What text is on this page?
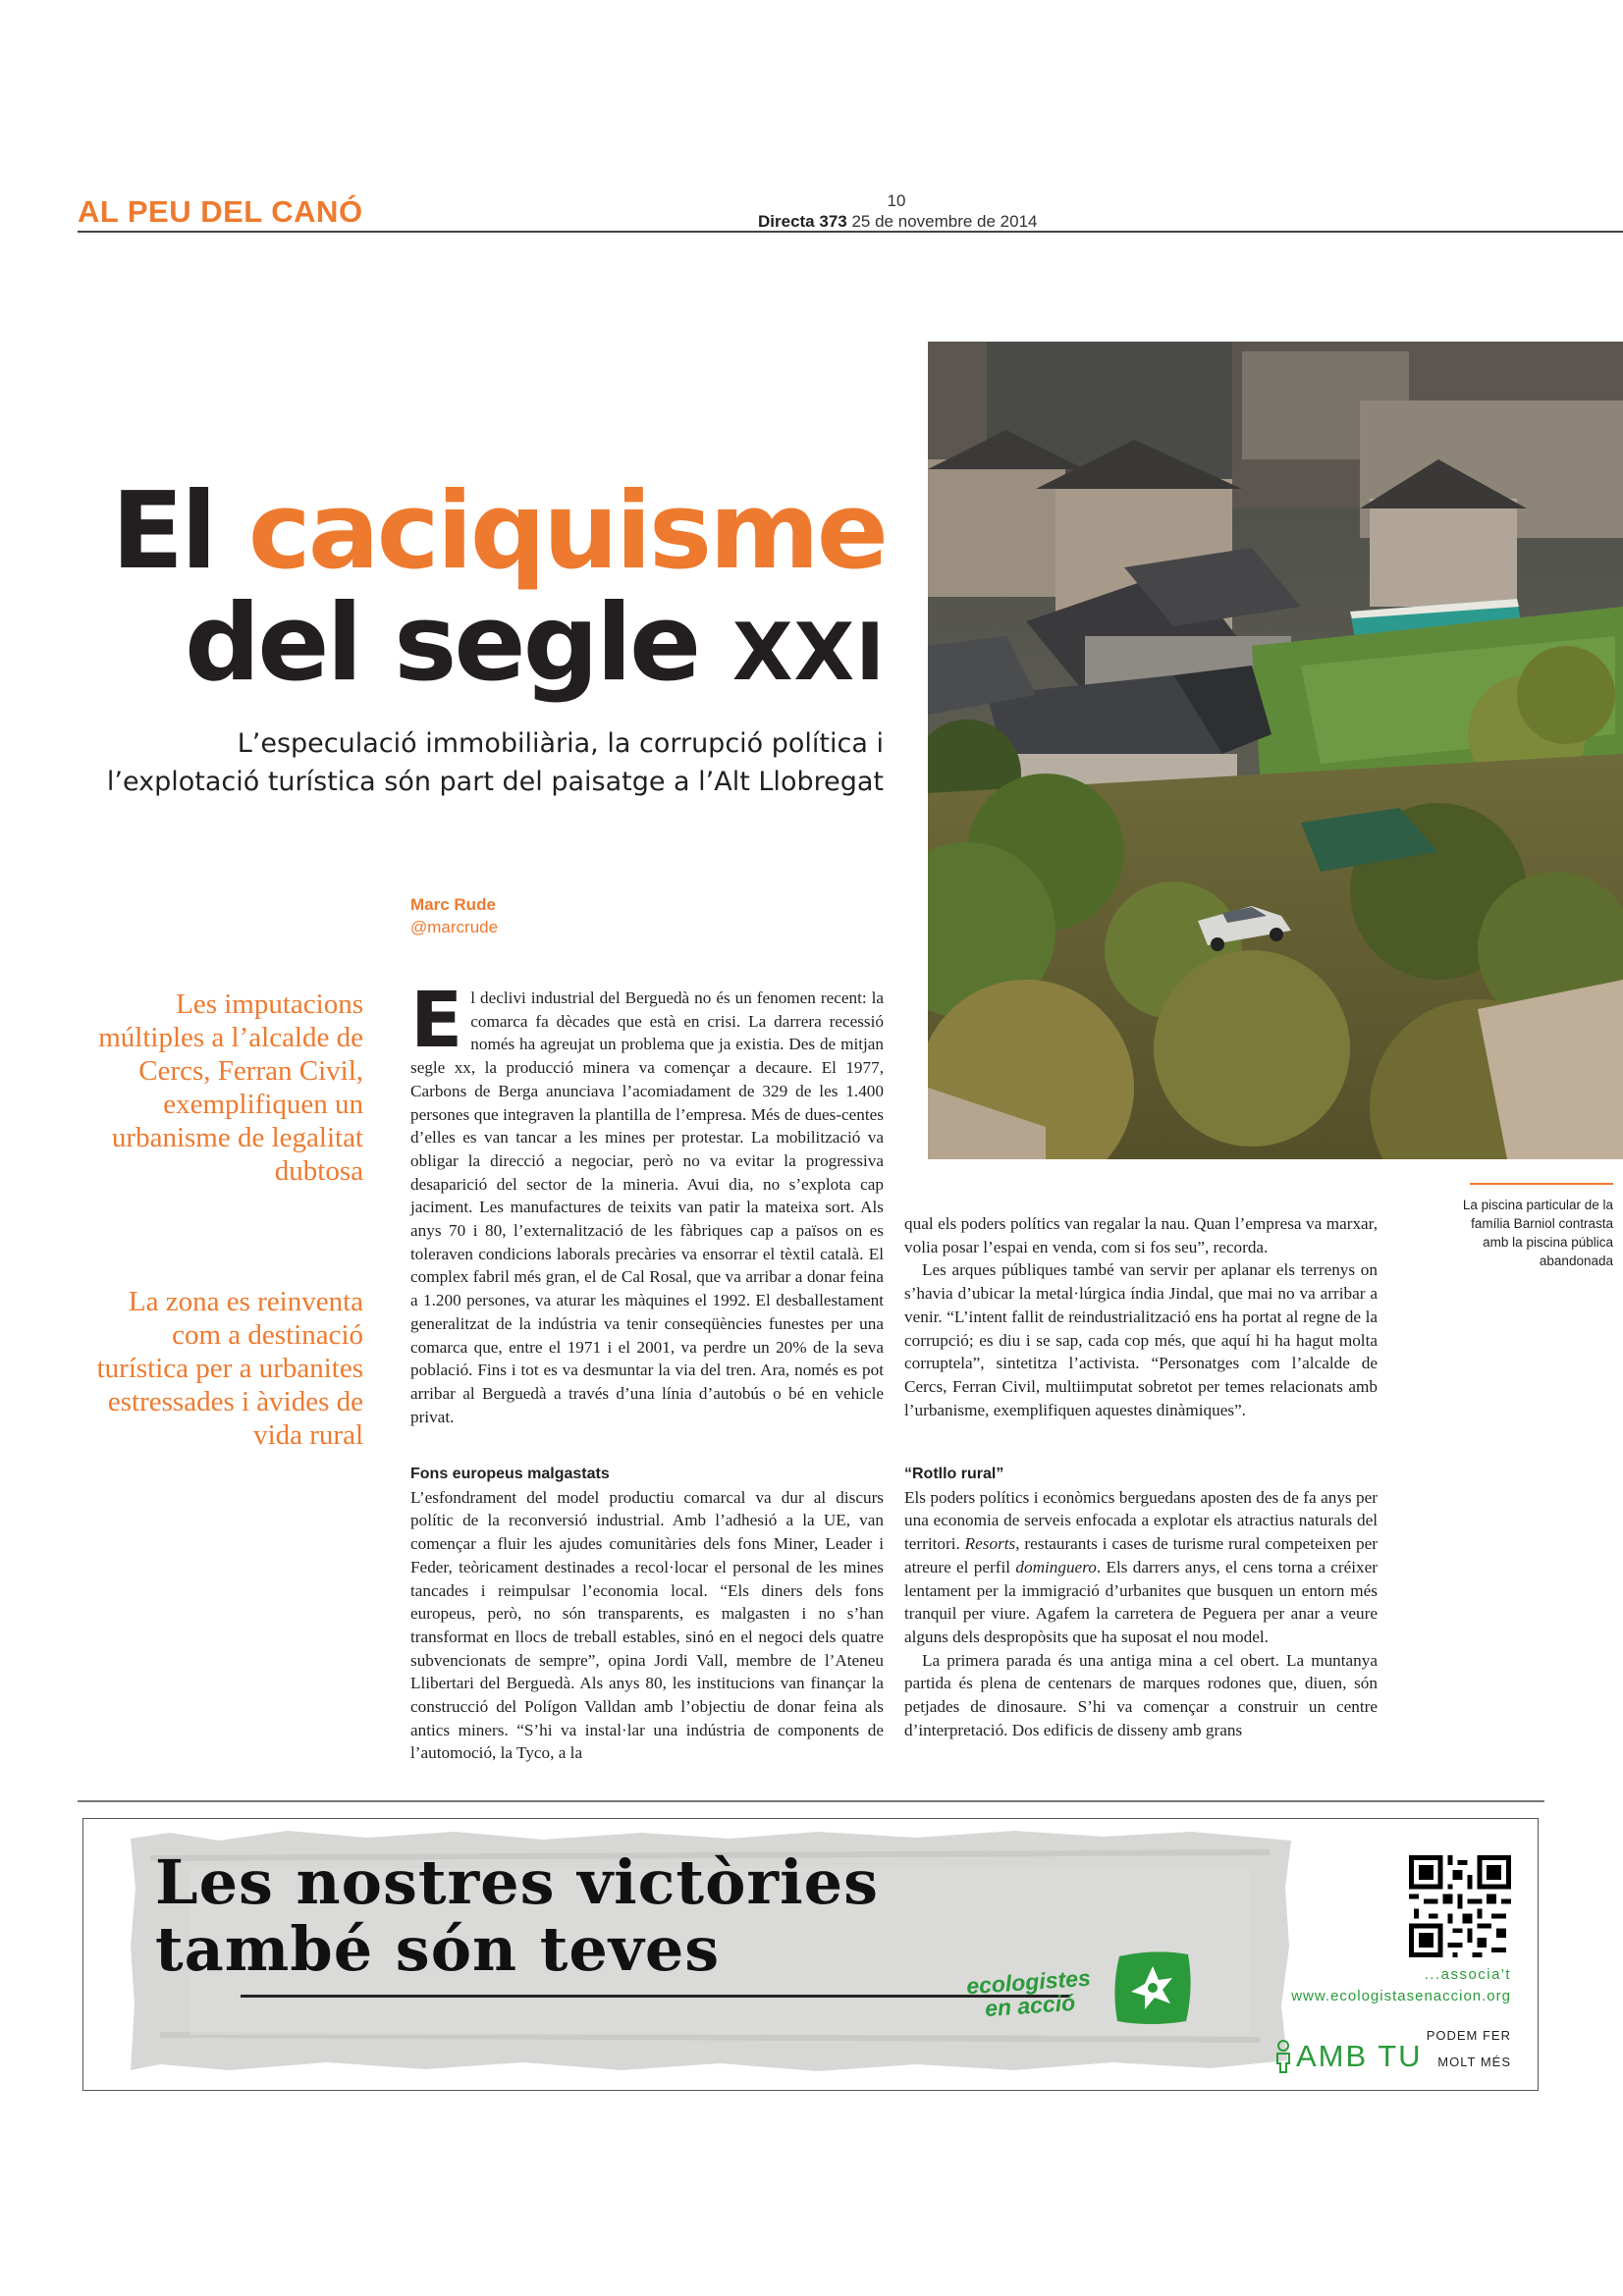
AL PEU DEL CANÓ	10
Directa 373 25 de novembre de 2014
El caciquisme
del segle XXI
L’especulació immobiliària, la corrupció política i l’explotació turística són part del paisatge a l’Alt Llobregat
La piscina particular de la família Barniol contrasta amb la piscina pública abandonada
Marc Rude
@marcrude
Les imputacions múltiples a l’alcalde de Cercs, Ferran Civil, exemplifiquen un urbanisme de legalitat dubtosa
La zona es reinventa com a destinació turística per a urbanites estressades i àvides de vida rural
E l declivi industrial del Berguedà no és un fenomen recent: la comarca fa dècades que està en crisi. La darrera recessió només ha agreujat un problema que ja existia. Des de mitjan segle xx, la producció minera va començar a decaure. El 1977, Carbons de Berga anunciava l’acomiadament de 329 de les 1.400 persones que integraven la plantilla de l’empresa. Més de dues-centes d’elles es van tancar a les mines per protestar. La mobilització va obligar la direcció a negociar, però no va evitar la progressiva desaparició del sector de la mineria. Avui dia, no s’explota cap jaciment. Les manufactures de teixits van patir la mateixa sort. Als anys 70 i 80, l’externalització de les fàbriques cap a països on es toleraven condicions laborals precàries va ensorrar el tèxtil català. El complex fabril més gran, el de Cal Rosal, que va arribar a donar feina a 1.200 persones, va aturar les màquines el 1992. El desballestament generalitzat de la indústria va tenir conseqüències funestes per una comarca que, entre el 1971 i el 2001, va perdre un 20% de la seva població. Fins i tot es va desmuntar la via del tren. Ara, només es pot arribar al Berguedà a través d’una línia d’autobús o bé en vehicle privat.

Fons europeus malgastats

L’esfondrament del model productiu comarcal va dur al discurs polític de la reconversió industrial. Amb l’adhesió a la UE, van començar a fluir les ajudes comunitàries dels fons Miner, Leader i Feder, teòricament destinades a recol·locar el personal de les mines tancades i reimpulsar l’economia local. “Els diners dels fons europeus, però, no són transparents, es malgasten i no s’han transformat en llocs de treball estables, sinó en el negoci dels quatre subvencionats de sempre”, opina Jordi Vall, membre de l’Ateneu Llibertari del Berguedà. Als anys 80, les institucions van finançar la construcció del Polígon Valldan amb l’objectiu de donar feina als antics miners. “S’hi va instal·lar una indústria de components de l’automoció, la Tyco, a la

qual els poders polítics van regalar la nau. Quan l’empresa va marxar, volia posar l’espai en venda, com si fos seu”, recorda.

Les arques públiques també van servir per aplanar els terrenys on s’havia d’ubicar la metal·lúrgica índia Jindal, que mai no va arribar a venir. “L’intent fallit de reindustrialització ens ha portat al regne de la corrupció; es diu i se sap, cada cop més, que aquí hi ha hagut molta corruptela”, sintetitza l’activista. “Personatges com l’alcalde de Cercs, Ferran Civil, multiimputat sobretot per temes relacionats amb l’urbanisme, exemplifiquen aquestes dinàmiques”.

“Rotllo rural”

Els poders polítics i econòmics berguedans aposten des de fa anys per una economia de serveis enfocada a explotar els atractius naturals del territori. Resorts, restaurants i cases de turisme rural competeixen per atreure el perfil dominguero. Els darrers anys, el cens torna a créixer lentament per la immigració d’urbanites que busquen un entorn més tranquil per viure. Agafem la carretera de Peguera per anar a veure alguns dels despropòsits que ha suposat el nou model.

La primera parada és una antiga mina a cel obert. La muntanya partida és plena de centenars de marques rodones que, diuen, són petjades de dinosaure. S’hi va començar a construir un centre d’interpretació. Dos edificis de disseny amb grans

Les nostres victòries
també són teves	ecologistes
en acció
...associa't
www.ecologistasenaccion.org
PODEM FER
AMB TU	MOLT MÉS
